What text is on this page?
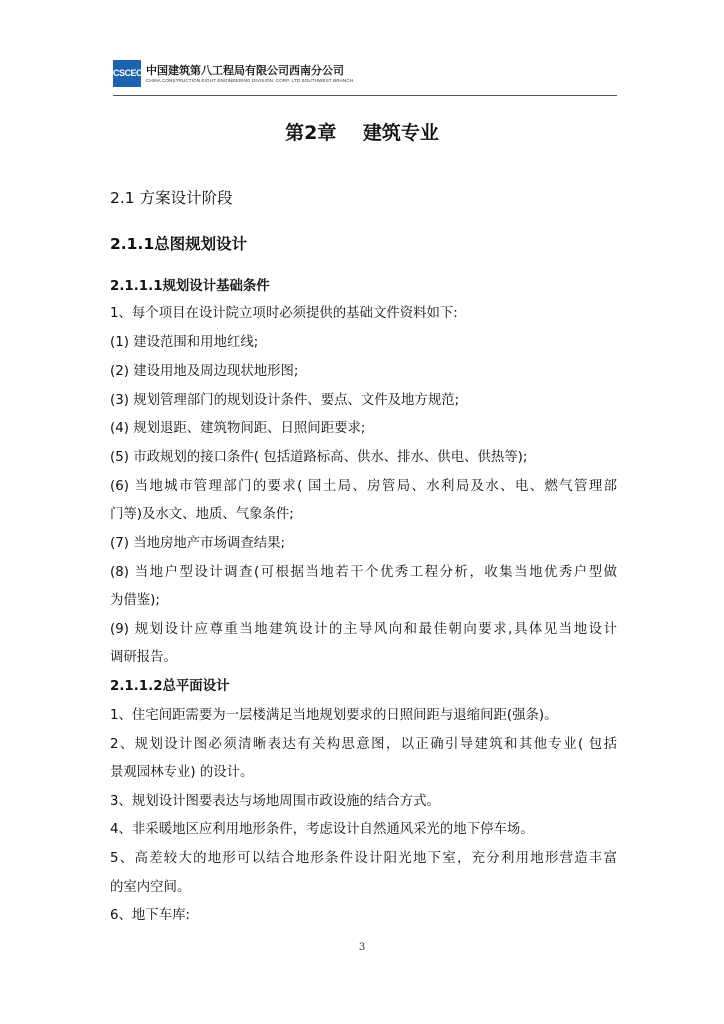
CSCEC 中国建筑第八工程局有限公司西南分公司
CHINA CONSTRUCTION EIGHT ENGINEERING DIVISION. CORP. LTD SOUTHWEST BRANCH
第2章    建筑专业
2.1 方案设计阶段
2.1.1总图规划设计
2.1.1.1规划设计基础条件
1、每个项目在设计院立项时必须提供的基础文件资料如下:
(1) 建设范围和用地红线;
(2) 建设用地及周边现状地形图;
(3) 规划管理部门的规划设计条件、要点、文件及地方规范;
(4) 规划退距、建筑物间距、日照间距要求;
(5) 市政规划的接口条件( 包括道路标高、供水、排水、供电、供热等);
(6) 当地城市管理部门的要求( 国土局、房管局、水利局及水、电、燃气管理部
门等)及水文、地质、气象条件;
(7) 当地房地产市场调查结果;
(8) 当地户型设计调查(可根据当地若干个优秀工程分析，收集当地优秀户型做
为借鉴);
(9) 规划设计应尊重当地建筑设计的主导风向和最佳朝向要求,具体见当地设计
调研报告。
2.1.1.2总平面设计
1、住宅间距需要为一层楼满足当地规划要求的日照间距与退缩间距(强条)。
2、规划设计图必须清晰表达有关构思意图，以正确引导建筑和其他专业( 包括
景观园林专业) 的设计。
3、规划设计图要表达与场地周围市政设施的结合方式。
4、非采暖地区应利用地形条件，考虑设计自然通风采光的地下停车场。
5、高差较大的地形可以结合地形条件设计阳光地下室，充分利用地形营造丰富
的室内空间。
6、地下车库:
3
